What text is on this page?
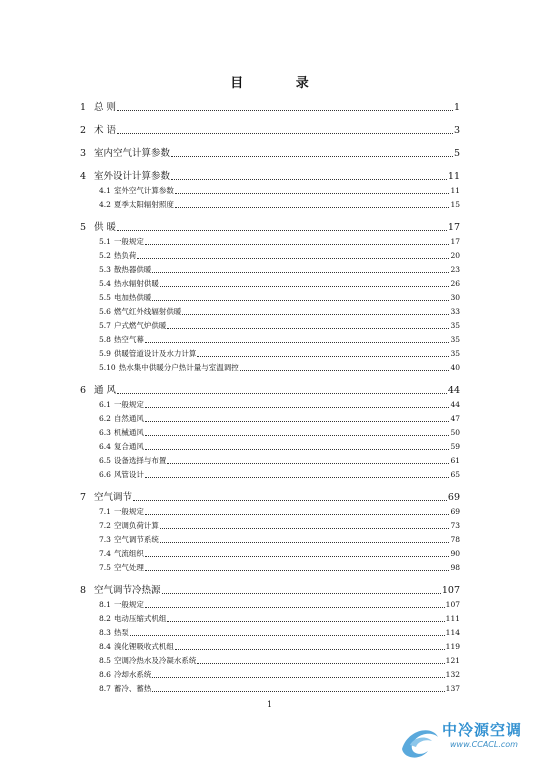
目 录
1 总 则	1
2 术 语	3
3 室内空气计算参数	5
4 室外设计计算参数	11
4.1 室外空气计算参数	11
4.2 夏季太阳辐射照度	15
5 供 暖	17
5.1 一般规定	17
5.2 热负荷	20
5.3 散热器供暖	23
5.4 热水辐射供暖	26
5.5 电加热供暖	30
5.6 燃气红外线辐射供暖	33
5.7 户式燃气炉供暖	35
5.8 热空气幕	35
5.9 供暖管道设计及水力计算	35
5.10 热水集中供暖分户热计量与室温调控	40
6 通 风	44
6.1 一般规定	44
6.2 自然通风	47
6.3 机械通风	50
6.4 复合通风	59
6.5 设备选择与布置	61
6.6 风管设计	65
7 空气调节	69
7.1 一般规定	69
7.2 空调负荷计算	73
7.3 空气调节系统	78
7.4 气流组织	90
7.5 空气处理	98
8 空气调节冷热源	107
8.1 一般规定	107
8.2 电动压缩式机组	111
8.3 热泵	114
8.4 溴化锂吸收式机组	119
8.5 空调冷热水及冷凝水系统	121
8.6 冷却水系统	132
8.7 蓄冷、蓄热	137
1
中冷源空调
www.CCACL.com
